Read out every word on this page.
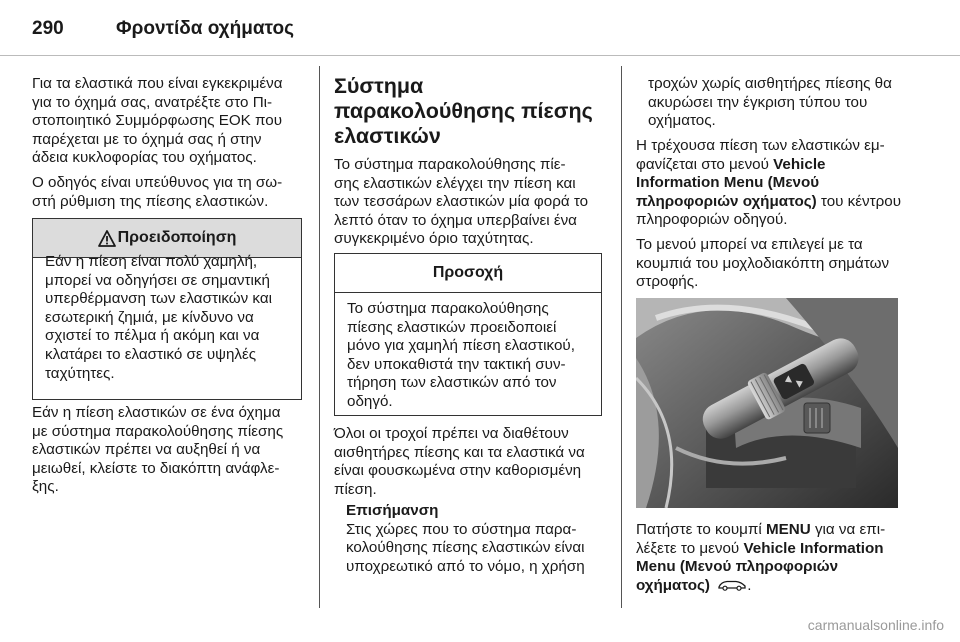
290	Φροντίδα οχήματος

Για τα ελαστικά που είναι εγκεκριμένα
για το όχημά σας, ανατρέξτε στο Πι-
στοποιητικό Συμμόρφωσης ΕΟΚ που
παρέχεται με το όχημά σας ή στην
άδεια κυκλοφορίας του οχήματος.

Ο οδηγός είναι υπεύθυνος για τη σω-
στή ρύθμιση της πίεσης ελαστικών.

Προειδοποίηση
Εάν η πίεση είναι πολύ χαμηλή,
μπορεί να οδηγήσει σε σημαντική
υπερθέρμανση των ελαστικών και
εσωτερική ζημιά, με κίνδυνο να
σχιστεί το πέλμα ή ακόμη και να
κλατάρει το ελαστικό σε υψηλές
ταχύτητες.

Εάν η πίεση ελαστικών σε ένα όχημα
με σύστημα παρακολούθησης πίεσης
ελαστικών πρέπει να αυξηθεί ή να
μειωθεί, κλείστε το διακόπτη ανάφλε-
ξης.

Σύστημα
παρακολούθησης πίεσης
ελαστικών

Το σύστημα παρακολούθησης πίε-
σης ελαστικών ελέγχει την πίεση και
των τεσσάρων ελαστικών μία φορά το
λεπτό όταν το όχημα υπερβαίνει ένα
συγκεκριμένο όριο ταχύτητας.

Προσοχή
Το σύστημα παρακολούθησης
πίεσης ελαστικών προειδοποιεί
μόνο για χαμηλή πίεση ελαστικού,
δεν υποκαθιστά την τακτική συν-
τήρηση των ελαστικών από τον
οδηγό.

Όλοι οι τροχοί πρέπει να διαθέτουν
αισθητήρες πίεσης και τα ελαστικά να
είναι φουσκωμένα στην καθορισμένη
πίεση.

Επισήμανση
Στις χώρες που το σύστημα παρα-
κολούθησης πίεσης ελαστικών είναι
υποχρεωτικό από το νόμο, η χρήση
τροχών χωρίς αισθητήρες πίεσης θα
ακυρώσει την έγκριση τύπου του
οχήματος.

Η τρέχουσα πίεση των ελαστικών εμ-
φανίζεται στο μενού Vehicle
Information Menu (Μενού
πληροφοριών οχήματος) του κέντρου
πληροφοριών οδηγού.

Το μενού μπορεί να επιλεγεί με τα
κουμπιά του μοχλοδιακόπτη σημάτων
στροφής.

Πατήστε το κουμπί MENU για να επι-
λέξετε το μενού Vehicle Information
Menu (Μενού πληροφοριών
οχήματος) .

carmanualsonline.info
